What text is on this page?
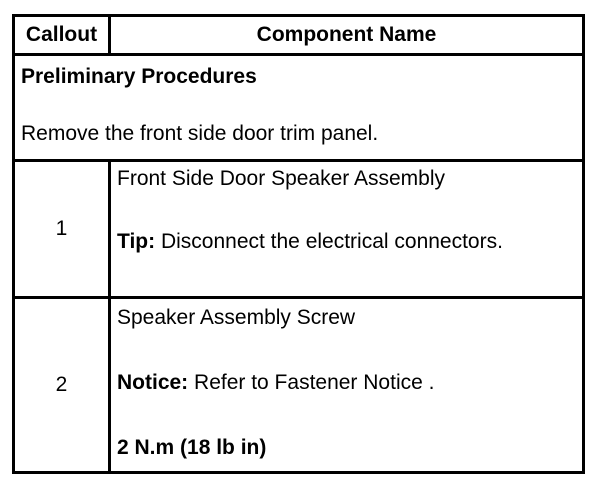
Callout	Component Name

Preliminary Procedures
Remove the front side door trim panel.	

1	Front Side Door Speaker Assembly
Tip: Disconnect the electrical connectors.

2	Speaker Assembly Screw
Notice: Refer to Fastener Notice .
2 N.m (18 lb in)
